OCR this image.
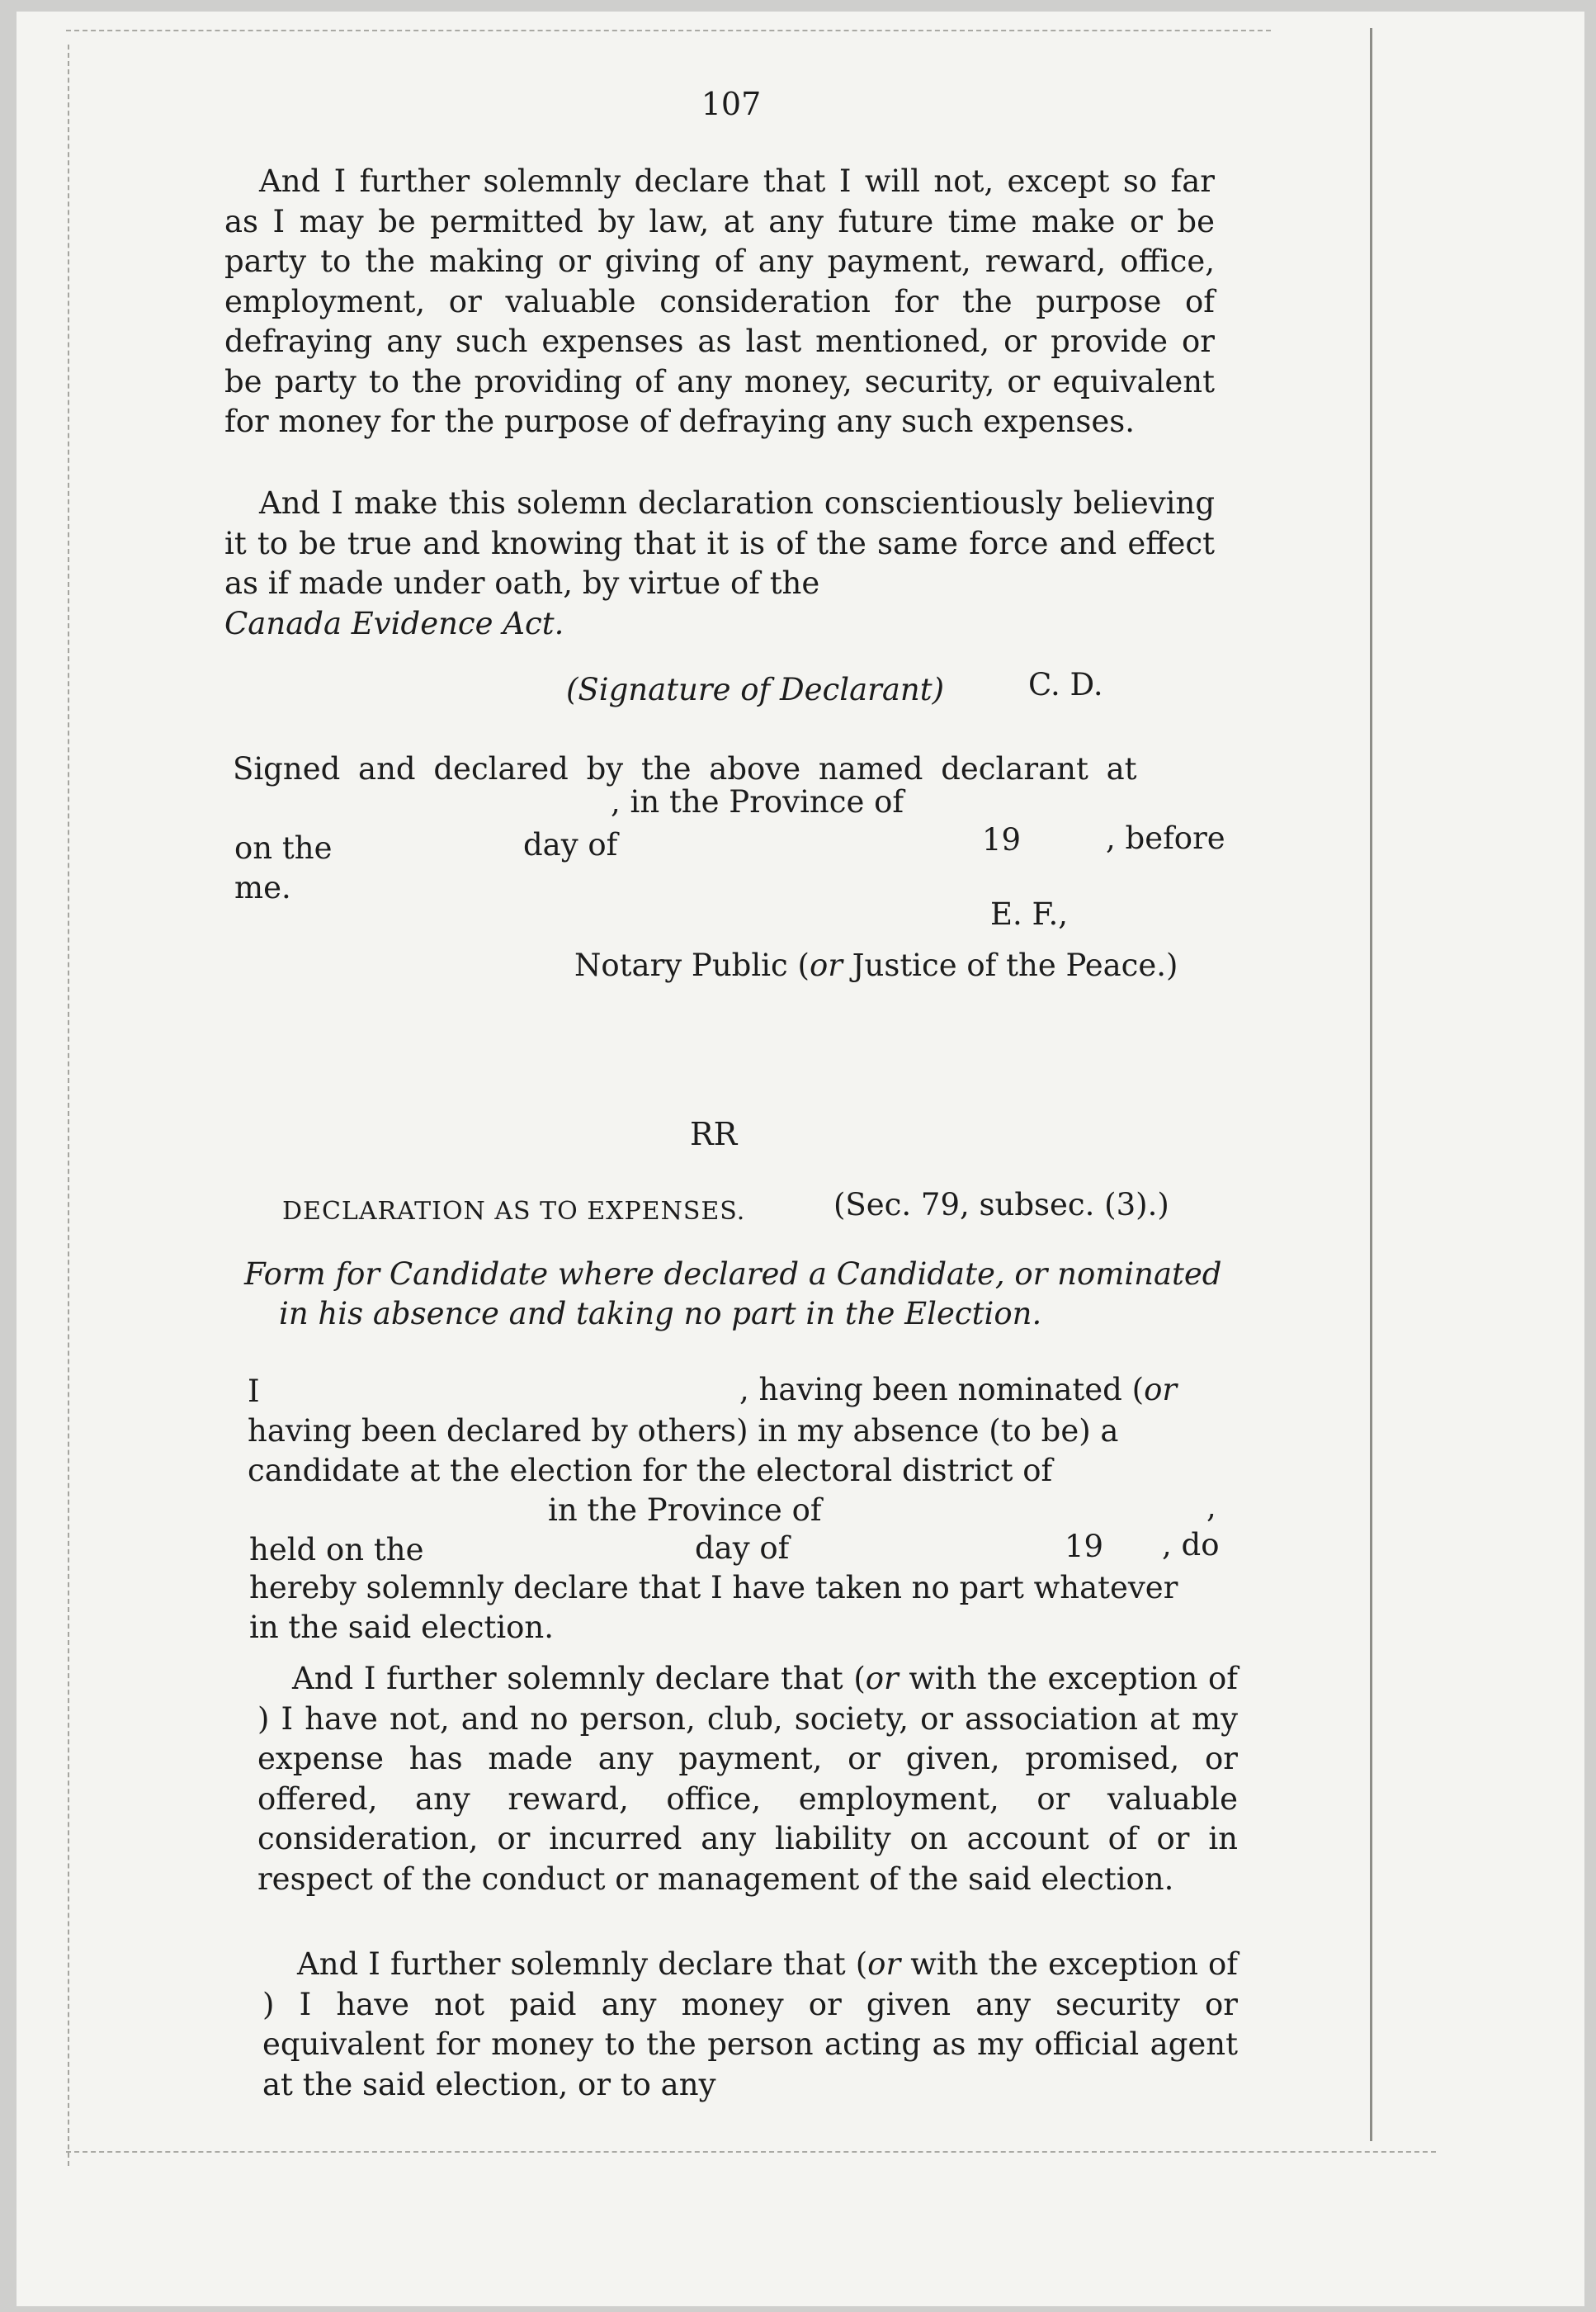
107

And I further solemnly declare that I will not, except so far as I may be permitted by law, at any future time make or be party to the making or giving of any payment, reward, office, employment, or valuable consideration for the purpose of defraying any such expenses as last mentioned, or provide or be party to the providing of any money, security, or equivalent for money for the purpose of defraying any such expenses.

And I make this solemn declaration conscientiously believing it to be true and knowing that it is of the same force and effect as if made under oath, by virtue of the
Canada Evidence Act.

(Signature of Declarant)	C. D.
Signed and declared by the above named declarant at
, in the Province of
on the	day of	19	, before
me.
E. F.,
Notary Public (or Justice of the Peace.)
RR
DECLARATION AS TO EXPENSES.	(Sec. 79, subsec. (3).)

Form for Candidate where declared a Candidate, or nominated
in his absence and taking no part in the Election.

I	, having been nominated (or
having been declared by others) in my absence (to be) a
candidate at the election for the electoral district of
in the Province of	,
held on the	day of	19 , do
hereby solemnly declare that I have taken no part whatever
in the said election.

And I further solemnly declare that (or with the exception of                          ) I have not, and no person, club, society, or association at my expense has made any payment, or given, promised, or offered, any reward, office, employment, or valuable consideration, or incurred any liability on account of or in respect of the conduct or management of the said election.

And I further solemnly declare that (or with the exception of                          ) I have not paid any money or given any security or equivalent for money to the person acting as my official agent at the said election, or to any
